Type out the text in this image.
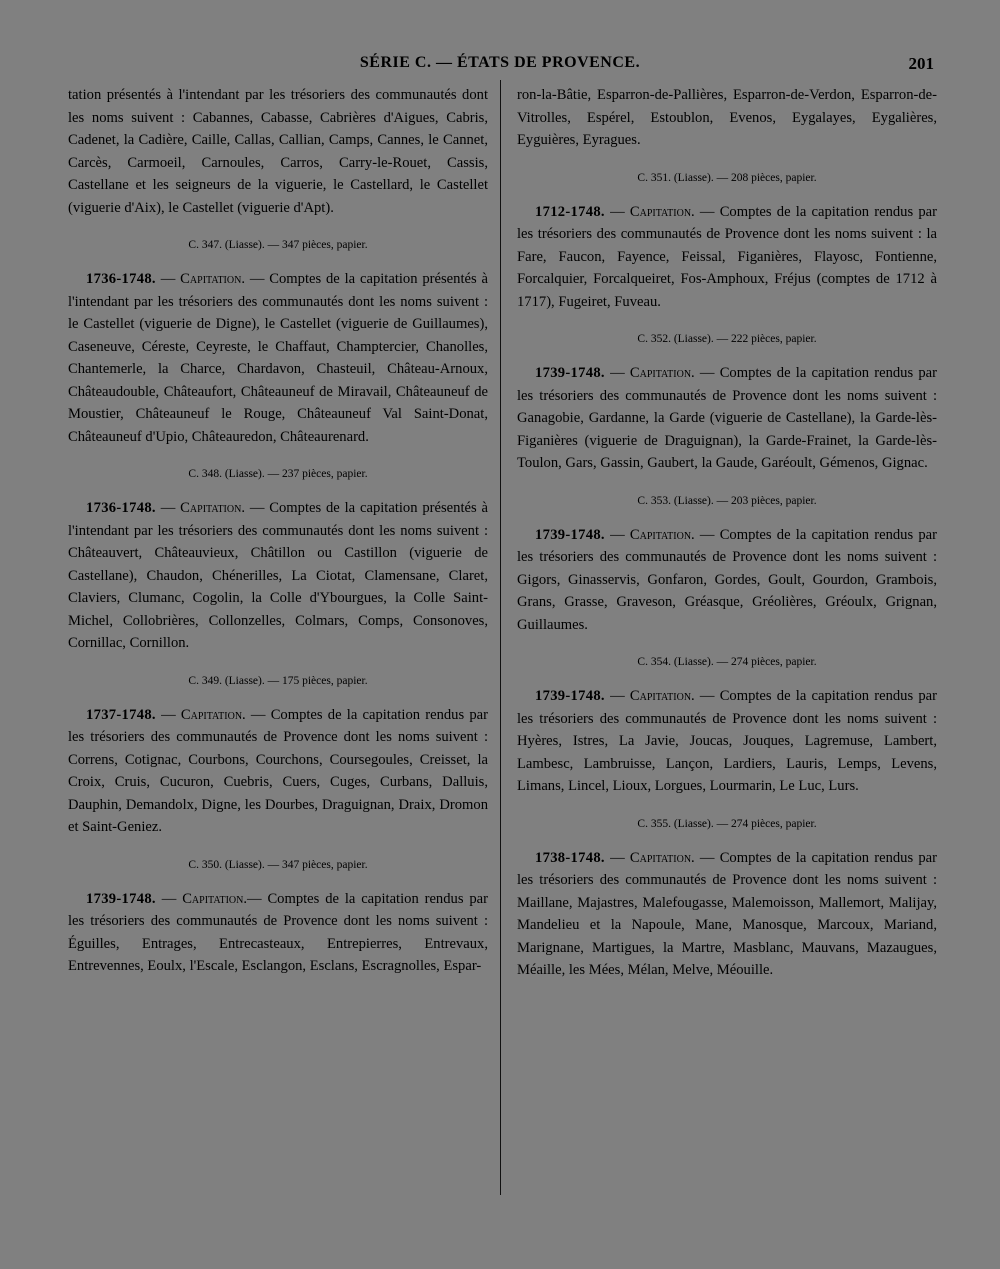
SÉRIE C. — ÉTATS DE PROVENCE.	201

tation présentés à l'intendant par les trésoriers des communautés dont les noms suivent : Cabannes, Cabasse, Cabrières d'Aigues, Cabris, Cadenet, la Cadière, Caille, Callas, Callian, Camps, Cannes, le Cannet, Carcès, Carmoeil, Carnoules, Carros, Carry-le-Rouet, Cassis, Castellane et les seigneurs de la viguerie, le Castellard, le Castellet (viguerie d'Aix), le Castellet (viguerie d'Apt).

C. 347. (Liasse). — 347 pièces, papier.

1736-1748. — Capitation. — Comptes de la capitation présentés à l'intendant par les trésoriers des communautés dont les noms suivent : le Castellet (viguerie de Digne), le Castellet (viguerie de Guillaumes), Caseneuve, Céreste, Ceyreste, le Chaffaut, Champtercier, Chanolles, Chantemerle, la Charce, Chardavon, Chasteuil, Château-Arnoux, Châteaudouble, Châteaufort, Châteauneuf de Miravail, Châteauneuf de Moustier, Châteauneuf le Rouge, Châteauneuf Val Saint-Donat, Châteauneuf d'Upio, Châteauredon, Châteaurenard.

C. 348. (Liasse). — 237 pièces, papier.

1736-1748. — Capitation. — Comptes de la capitation présentés à l'intendant par les trésoriers des communautés dont les noms suivent : Châteauvert, Châteauvieux, Châtillon ou Castillon (viguerie de Castellane), Chaudon, Chénerilles, La Ciotat, Clamensane, Claret, Claviers, Clumanc, Cogolin, la Colle d'Ybourgues, la Colle Saint-Michel, Collobrières, Collonzelles, Colmars, Comps, Consonoves, Cornillac, Cornillon.

C. 349. (Liasse). — 175 pièces, papier.

1737-1748. — Capitation. — Comptes de la capitation rendus par les trésoriers des communautés de Provence dont les noms suivent : Correns, Cotignac, Courbons, Courchons, Coursegoules, Creisset, la Croix, Cruis, Cucuron, Cuebris, Cuers, Cuges, Curbans, Dalluis, Dauphin, Demandolx, Digne, les Dourbes, Draguignan, Draix, Dromon et Saint-Geniez.

C. 350. (Liasse). — 347 pièces, papier.

1739-1748. — Capitation.— Comptes de la capitation rendus par les trésoriers des communautés de Provence dont les noms suivent : Éguilles, Entrages, Entrecasteaux, Entrepierres, Entrevaux, Entrevennes, Eoulx, l'Escale, Esclangon, Esclans, Escragnolles, Espar-

ron-la-Bâtie, Esparron-de-Pallières, Esparron-de-Verdon, Esparron-de-Vitrolles, Espérel, Estoublon, Evenos, Eygalayes, Eygalières, Eyguières, Eyragues.

C. 351. (Liasse). — 208 pièces, papier.

1712-1748. — Capitation. — Comptes de la capitation rendus par les trésoriers des communautés de Provence dont les noms suivent : la Fare, Faucon, Fayence, Feissal, Figanières, Flayosc, Fontienne, Forcalquier, Forcalqueiret, Fos-Amphoux, Fréjus (comptes de 1712 à 1717), Fugeiret, Fuveau.

C. 352. (Liasse). — 222 pièces, papier.

1739-1748. — Capitation. — Comptes de la capitation rendus par les trésoriers des communautés de Provence dont les noms suivent : Ganagobie, Gardanne, la Garde (viguerie de Castellane), la Garde-lès-Figanières (viguerie de Draguignan), la Garde-Frainet, la Garde-lès-Toulon, Gars, Gassin, Gaubert, la Gaude, Garéoult, Gémenos, Gignac.

C. 353. (Liasse). — 203 pièces, papier.

1739-1748. — Capitation. — Comptes de la capitation rendus par les trésoriers des communautés de Provence dont les noms suivent : Gigors, Ginasservis, Gonfaron, Gordes, Goult, Gourdon, Grambois, Grans, Grasse, Graveson, Gréasque, Gréolières, Gréoulx, Grignan, Guillaumes.

C. 354. (Liasse). — 274 pièces, papier.

1739-1748. — Capitation. — Comptes de la capitation rendus par les trésoriers des communautés de Provence dont les noms suivent : Hyères, Istres, La Javie, Joucas, Jouques, Lagremuse, Lambert, Lambesc, Lambruisse, Lançon, Lardiers, Lauris, Lemps, Levens, Limans, Lincel, Lioux, Lorgues, Lourmarin, Le Luc, Lurs.

C. 355. (Liasse). — 274 pièces, papier.

1738-1748. — Capitation. — Comptes de la capitation rendus par les trésoriers des communautés de Provence dont les noms suivent : Maillane, Majastres, Malefougasse, Malemoisson, Mallemort, Malijay, Mandelieu et la Napoule, Mane, Manosque, Marcoux, Mariand, Marignane, Martigues, la Martre, Masblanc, Mauvans, Mazaugues, Méaille, les Mées, Mélan, Melve, Méouille.
